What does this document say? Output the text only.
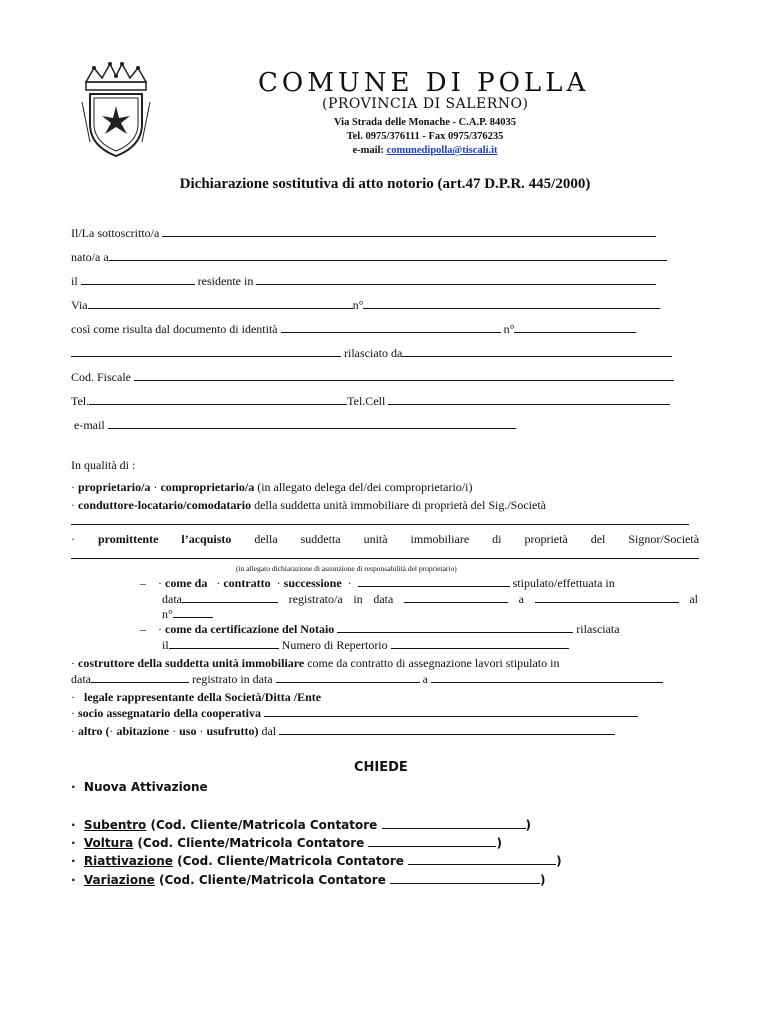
COMUNE DI POLLA
(PROVINCIA DI SALERNO)
Via Strada delle Monache - C.A.P. 84035
Tel. 0975/376111 - Fax 0975/376235
e-mail: comunedipolla@tiscali.it
Dichiarazione sostitutiva di atto notorio (art.47 D.P.R. 445/2000)
Il/La sottoscritto/a
nato/a a
il	residente in
Via	n°
così come risulta dal documento di identità	n°
rilasciato da
Cod. Fiscale
Tel.	Tel.Cell
e-mail
In qualità di :
· proprietario/a · comproprietario/a (in allegato delega del/dei comproprietario/i)
· conduttore-locatario/comodatario della suddetta unità immobiliare di proprietà del Sig./Società
· promittente l’acquisto della suddetta unità immobiliare di proprietà del Signor/Società
(in allegato dichiarazione di assunzione di responsabilità del proprietario)
– · come da · contratto · successione ·	stipulato/effettuata in
data	registrato/a in data	a	al
n°
– · come da certificazione del Notaio	rilasciata
il	Numero di Repertorio
· costruttore della suddetta unità immobiliare come da contratto di assegnazione lavori stipulato in
data	registrato in data	a
· legale rappresentante della Società/Ditta /Ente
· socio assegnatario della cooperativa
· altro (· abitazione · uso · usufrutto) dal
CHIEDE
· Nuova Attivazione
· Subentro (Cod. Cliente/Matricola Contatore	)
· Voltura (Cod. Cliente/Matricola Contatore	)
· Riattivazione (Cod. Cliente/Matricola Contatore	)
· Variazione (Cod. Cliente/Matricola Contatore	)
